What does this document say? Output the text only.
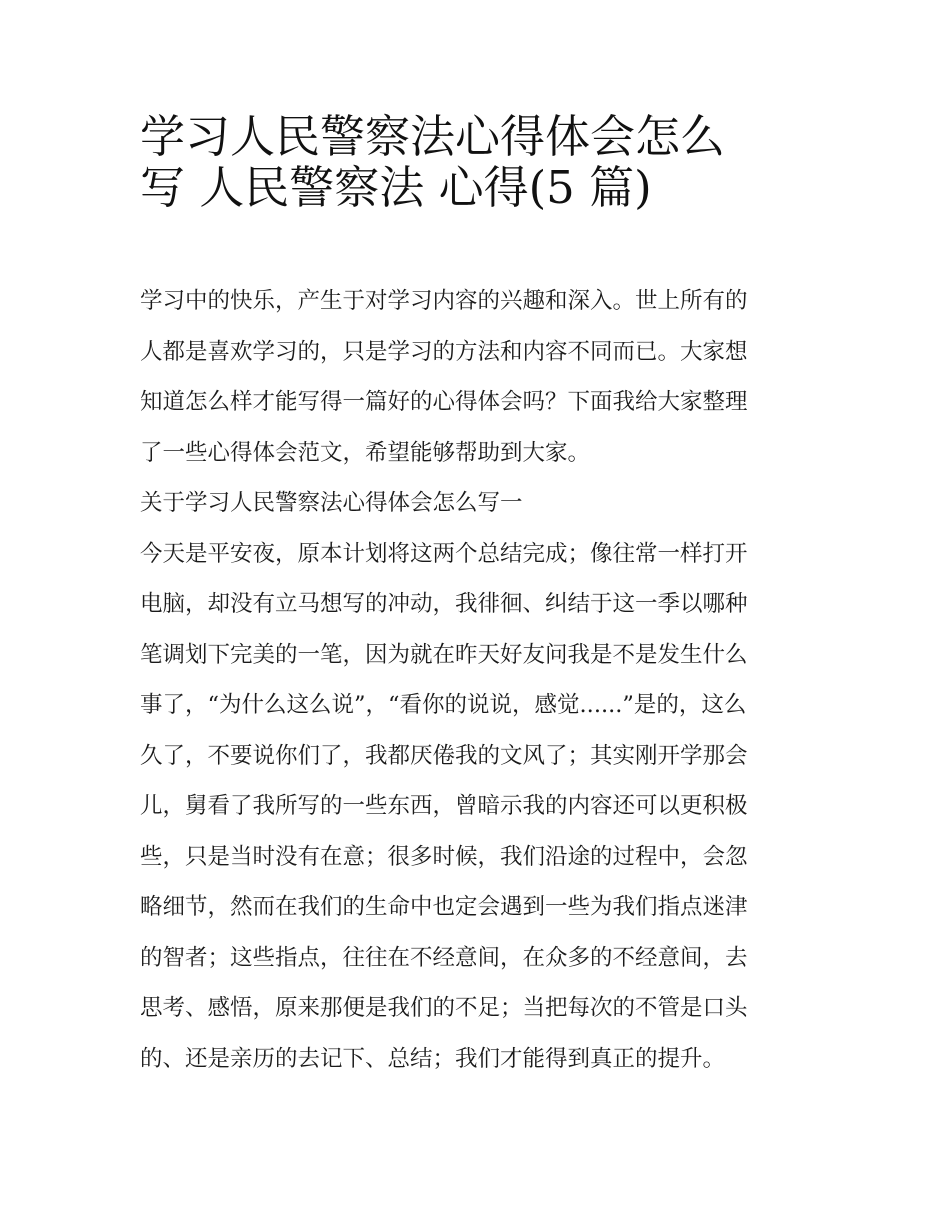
学习人民警察法心得体会怎么
写 人民警察法 心得(5 篇)
学习中的快乐，产生于对学习内容的兴趣和深入。世上所有的
人都是喜欢学习的，只是学习的方法和内容不同而已。大家想
知道怎么样才能写得一篇好的心得体会吗？下面我给大家整理
了一些心得体会范文，希望能够帮助到大家。
关于学习人民警察法心得体会怎么写一
今天是平安夜，原本计划将这两个总结完成；像往常一样打开
电脑，却没有立马想写的冲动，我徘徊、纠结于这一季以哪种
笔调划下完美的一笔，因为就在昨天好友问我是不是发生什么
事了，“为什么这么说”，“看你的说说，感觉......”是的，这么
久了，不要说你们了，我都厌倦我的文风了；其实刚开学那会
儿，舅看了我所写的一些东西，曾暗示我的内容还可以更积极
些，只是当时没有在意；很多时候，我们沿途的过程中，会忽
略细节，然而在我们的生命中也定会遇到一些为我们指点迷津
的智者；这些指点，往往在不经意间，在众多的不经意间，去
思考、感悟，原来那便是我们的不足；当把每次的不管是口头
的、还是亲历的去记下、总结；我们才能得到真正的提升。
